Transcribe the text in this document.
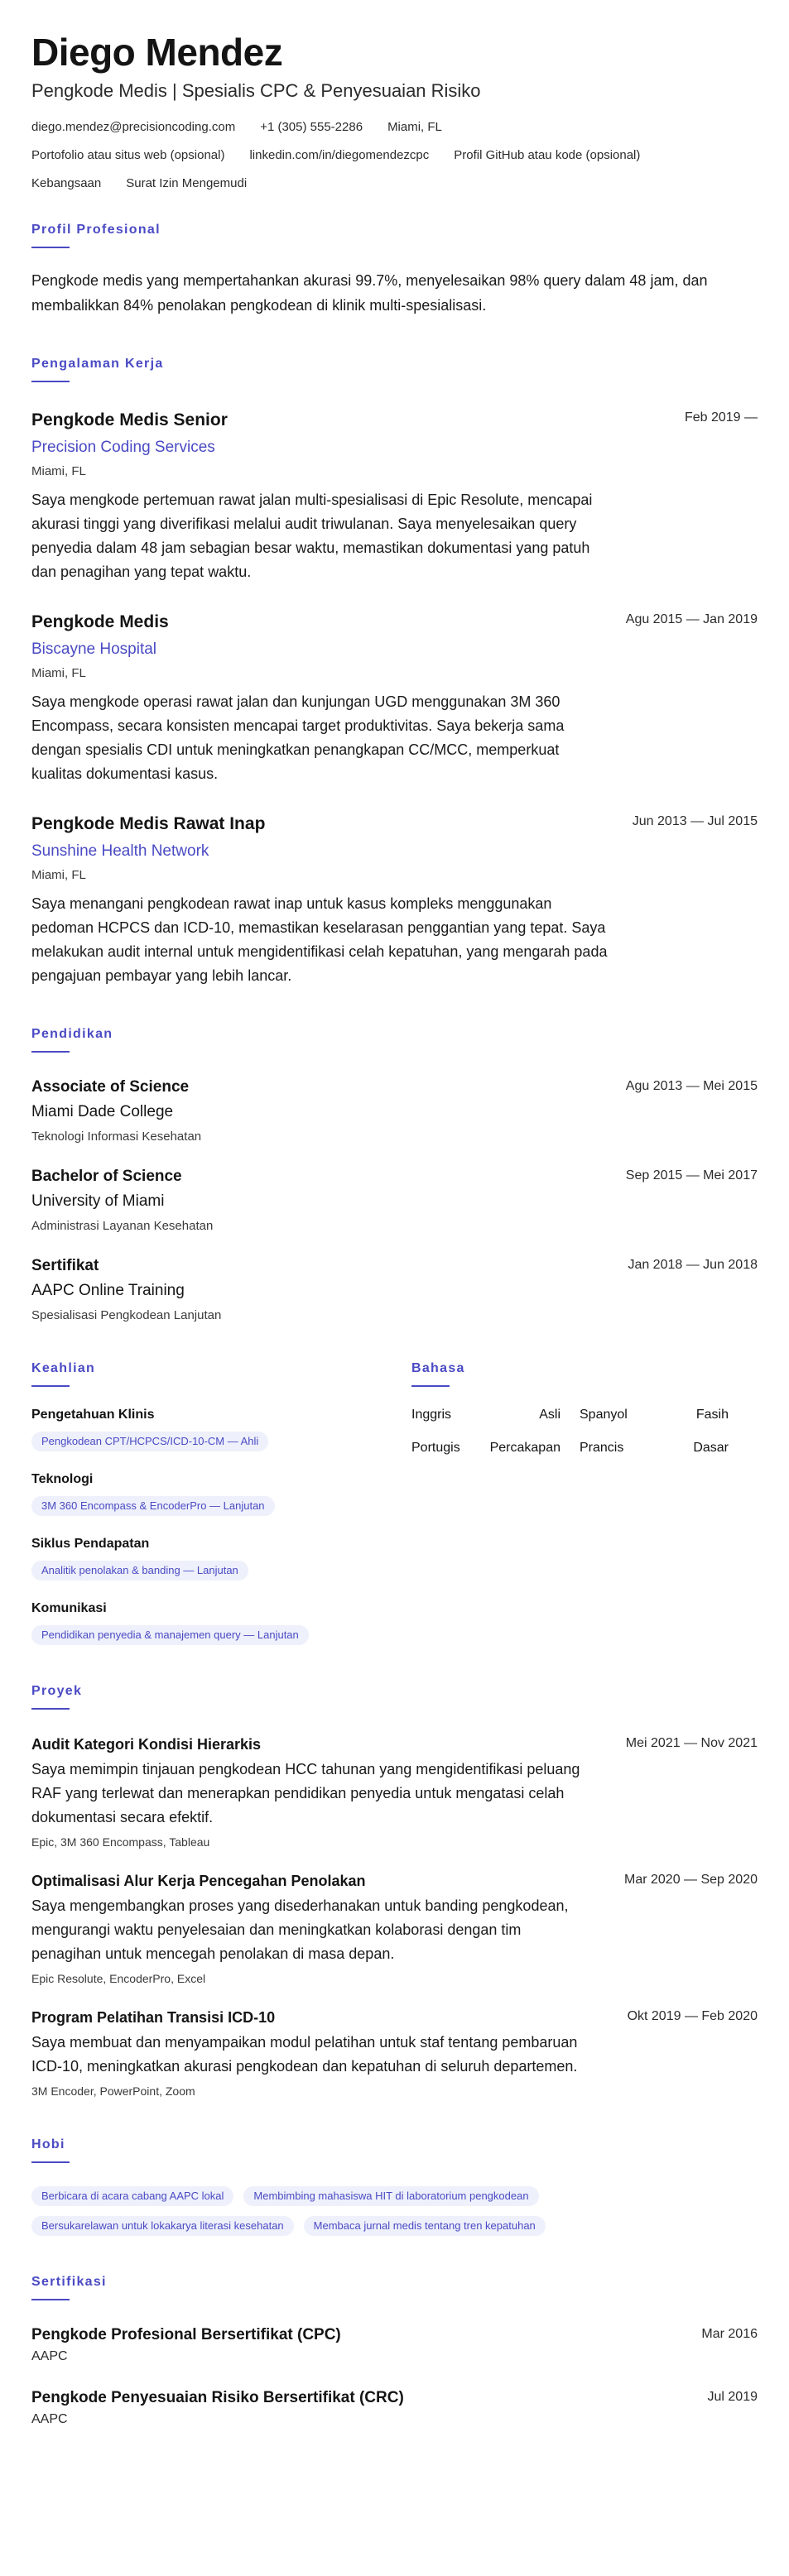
Diego Mendez
Pengkode Medis | Spesialis CPC & Penyesuaian Risiko
diego.mendez@precisioncoding.com +1 (305) 555-2286 Miami, FL
Portofolio atau situs web (opsional) linkedin.com/in/diegomendezcpc Profil GitHub atau kode (opsional)
Kebangsaan Surat Izin Mengemudi
Profil Profesional

Pengkode medis yang mempertahankan akurasi 99.7%, menyelesaikan 98% query dalam 48 jam, dan membalikkan 84% penolakan pengkodean di klinik multi-spesialisasi.

Pengalaman Kerja
Pengkode Medis Senior	Feb 2019 —
Precision Coding Services
Miami, FL

Saya mengkode pertemuan rawat jalan multi-spesialisasi di Epic Resolute, mencapai akurasi tinggi yang diverifikasi melalui audit triwulanan. Saya menyelesaikan query penyedia dalam 48 jam sebagian besar waktu, memastikan dokumentasi yang patuh dan penagihan yang tepat waktu.

Pengkode Medis	Agu 2015 — Jan 2019
Biscayne Hospital
Miami, FL

Saya mengkode operasi rawat jalan dan kunjungan UGD menggunakan 3M 360 Encompass, secara konsisten mencapai target produktivitas. Saya bekerja sama dengan spesialis CDI untuk meningkatkan penangkapan CC/MCC, memperkuat kualitas dokumentasi kasus.

Pengkode Medis Rawat Inap	Jun 2013 — Jul 2015
Sunshine Health Network
Miami, FL

Saya menangani pengkodean rawat inap untuk kasus kompleks menggunakan pedoman HCPCS dan ICD-10, memastikan keselarasan penggantian yang tepat. Saya melakukan audit internal untuk mengidentifikasi celah kepatuhan, yang mengarah pada pengajuan pembayar yang lebih lancar.

Pendidikan
Associate of Science	Agu 2013 — Mei 2015
Miami Dade College
Teknologi Informasi Kesehatan
Bachelor of Science	Sep 2015 — Mei 2017
University of Miami
Administrasi Layanan Kesehatan
Sertifikat	Jan 2018 — Jun 2018
AAPC Online Training
Spesialisasi Pengkodean Lanjutan
Keahlian
Pengetahuan Klinis
Pengkodean CPT/HCPCS/ICD-10-CM — Ahli
Teknologi
3M 360 Encompass & EncoderPro — Lanjutan
Siklus Pendapatan
Analitik penolakan & banding — Lanjutan
Komunikasi
Pendidikan penyedia & manajemen query — Lanjutan
Bahasa
Inggris	Asli Spanyol	Fasih
Portugis Percakapan Prancis	Dasar
Proyek
Audit Kategori Kondisi Hierarkis	Mei 2021 — Nov 2021

Saya memimpin tinjauan pengkodean HCC tahunan yang mengidentifikasi peluang RAF yang terlewat dan menerapkan pendidikan penyedia untuk mengatasi celah dokumentasi secara efektif.

Epic, 3M 360 Encompass, Tableau
Optimalisasi Alur Kerja Pencegahan Penolakan	Mar 2020 — Sep 2020

Saya mengembangkan proses yang disederhanakan untuk banding pengkodean, mengurangi waktu penyelesaian dan meningkatkan kolaborasi dengan tim penagihan untuk mencegah penolakan di masa depan.

Epic Resolute, EncoderPro, Excel
Program Pelatihan Transisi ICD-10	Okt 2019 — Feb 2020

Saya membuat dan menyampaikan modul pelatihan untuk staf tentang pembaruan ICD-10, meningkatkan akurasi pengkodean dan kepatuhan di seluruh departemen.

3M Encoder, PowerPoint, Zoom
Hobi
Berbicara di acara cabang AAPC lokal	Membimbing mahasiswa HIT di laboratorium pengkodean
Bersukarelawan untuk lokakarya literasi kesehatan	Membaca jurnal medis tentang tren kepatuhan
Sertifikasi
Pengkode Profesional Bersertifikat (CPC)	Mar 2016
AAPC
Pengkode Penyesuaian Risiko Bersertifikat (CRC)	Jul 2019
AAPC
